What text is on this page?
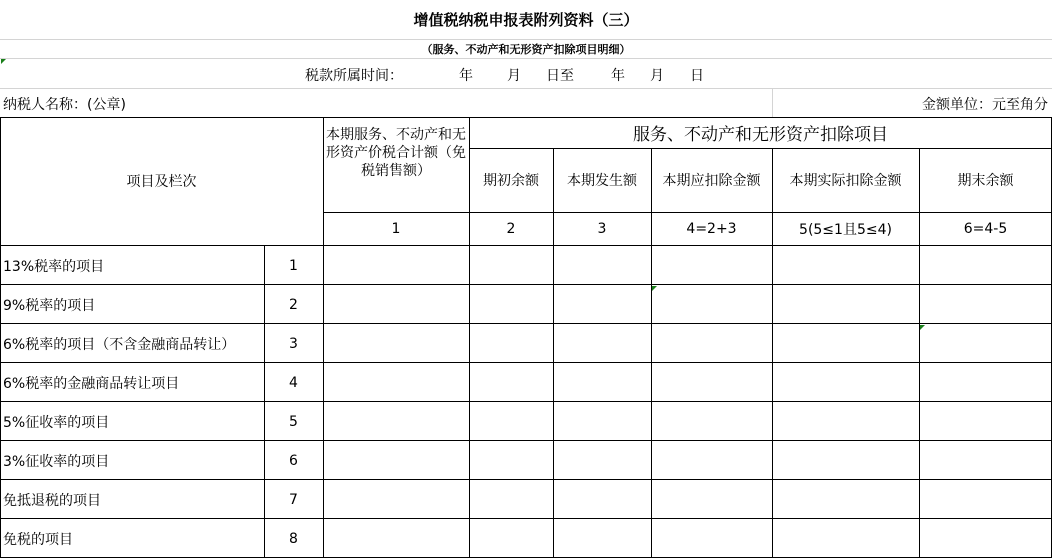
增值税纳税申报表附列资料（三）
（服务、不动产和无形资产扣除项目明细）
税款所属时间：	年 月 日至	年 月 日
纳税人名称：(公章)	金额单位：元至角分
项目及栏次
本期服务、不动产和无形资产价税合计额（免税销售额）
服务、不动产和无形资产扣除项目
期初余额	本期发生额	本期应扣除金额	本期实际扣除金额	期末余额
1	2	3	4=2+3	5(5≤1且5≤4)	6=4-5
13%税率的项目	1
9%税率的项目	2
6%税率的项目（不含金融商品转让）	3
6%税率的金融商品转让项目	4
5%征收率的项目	5
3%征收率的项目	6
免抵退税的项目	7
免税的项目	8
